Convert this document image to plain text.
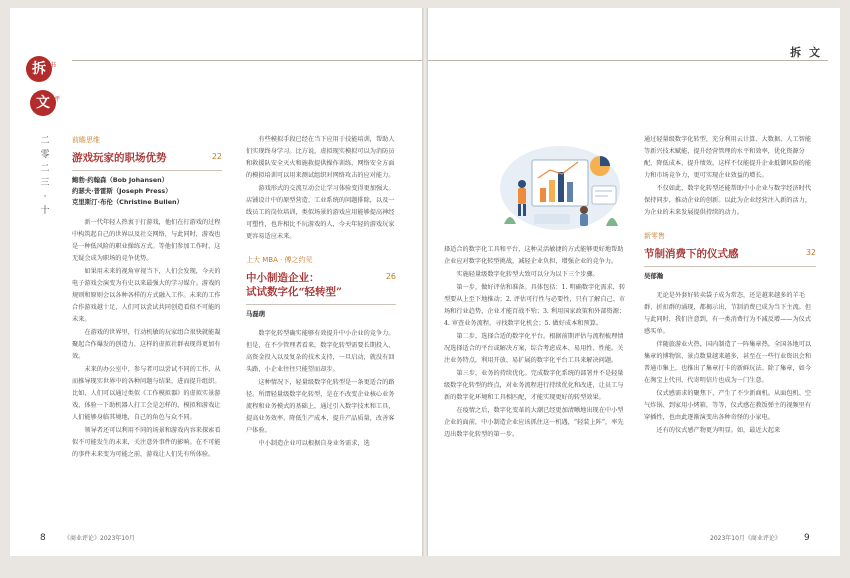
拆 书
文 评
二零二三·十
前瞻思维
游戏玩家的职场优势	22
鲍勃·约翰森（Bob Johansen）
约瑟夫·普雷斯（Joseph Press）
克里斯汀·布伦（Christine Bullen）

新一代年轻人热衷于打游戏，他们在打游戏的过程中构筑起自己的世界以及社交网络，与此同时，游戏也是一种低风险的职业操练方式。等他们参加工作时，这无疑会成为职场的竞争优势。

如果用未来的视角审视当下，人们会发现，今天的电子游戏会演变为有史以来最强大的学习媒介。游戏的规则和原则会以各种各样的方式融入工作。未来的工作合作游戏越十足，人们可以尝试共同创造看似不可能的未来。

在游戏的世界里，行动机敏的玩家组合很快就能凝聚起合作爆发的创造力，这样的虚拟社群表现得更加有效。

未来的办公室中，参与者可以尝试不同的工作，从而推导现实世界中的各种问题与结果，进而提升组织。比如，人们可以通过类似《工作模拟器》的虚拟实景游戏，体验一下助机器人打工会是怎样的，模拟和游戏让人们能够身临其境地，自己的角色与众不同。

领导者还可以利用不同的场景和游戏内容来探索看似不可能发生的未来，关注意外事件的影响。在不可能的事件未来变为可能之前，游戏让人们先有所体验。

有些模拟手段已经在当下应用于技能培训，帮助人们实现终身学习。比方说，虚拟现实模拟可以为消防员和救援队安全灭火和施救提供操作训练，网络安全方面的模拟培训可以用来测试组织对网络攻击的应对能力。

游戏形式的交流互动会让学习体验变得更加强大。店铺设计中的原型营造、工业系统的问题排除，以及一线员工的岗位培训，类似场景的游戏应用能够提高神经可塑性，也许相比不玩游戏的人，今天年轻的游戏玩家更容易适应未来。

上大 MBA · 傅之约见
中小制造企业：
试试数字化“轻转型”
26
马磊萌

数字化转型确实能够有效提升中小企业的竞争力。但是，在不少管理者看来，数字化转型需要长期投入、高资金投入以及复杂的技术支持，一旦启动，就没有回头路，小企业往往只能望而却步。

这种情况下，轻量级数字化转型是一条更适合的路径。所谓轻量级数字化转型，是在不改变企业核心业务流程和业务模式的基础上，通过引入数字技术和工具，提高业务效率、降低生产成本，提升产品质量，改善客户体验。

中小制造企业可以根据自身业务需求，选

8	《商业评论》2023年10月
拆 文

择适合的数字化工具和平台，这种灵活敏捷的方式能够更好地帮助企业应对数字化转型挑战，减轻企业负担，增强企业的竞争力。

实施轻量级数字化转型大致可以分为以下三个步骤。

第一步，做好评估和准备。具体包括：1. 明确数字化需求，转型要从上至下地推动；2. 评估可行性与必要性，只有了解自己、市场和行业趋势，企业才能百战不殆；3. 利用国家政策和外部资源；4. 审查业务流程，寻找数字化机会；5. 做好成本和预算。

第二步，选择合适的数字化平台。根据前期评估与流程梳理情况选择适合的平台或解决方案，综合考虑成本、易用性、性能。关注业务特点，利用开放、易扩展的数字化平台工具来解决问题。

第三步，业务的持续优化。完成数字化系统的部署并不是轻量级数字化转型的终点，对业务流程进行持续优化和改进，让员工与新的数字化环境和工具相匹配，才能实现更好的转型效果。

在疫情之后，数字化变革的大潮已经更加清晰地出现在中小型企业的面前，中小制造企业应该抓住这一机遇，“轻装上阵”，率先迈出数字化转型的第一步。

通过轻量级数字化转型，充分利用云计算、大数据、人工智能等新兴技术赋能，提升经营管理的水平和效率，优化资源分配，降低成本，提升绩效。这样不仅能提升企业抵御风险的能力和市场竞争力，更可实现企业效益的增长。

不仅如此，数字化转型还能帮助中小企业与数字经济时代保持同步，推动企业的创新。以此为企业经营注入新的活力，为企业的未来发展提供持续的动力。

新零售
节制消费下的仪式感	32
吴郁瀚

无论是外套好转卖袋子成为常态，还是越来越多的羊毛群、折扣群的涌现，都揭示出，节制消费已成为当下主流。但与此同时，我们注意到，有一类消费行为不减反增——为仪式感买单。

伴随旅游业火热，国内制造了一阵集章热。全国各地可以集章的博物馆、景点数量越来越多，甚至在一些行业资讯会和普通市集上，也推出了集章打卡的新鲜玩法。除了集章，如今在淘宝上代刊、代寄明信片也成为一门生意。

仪式感需求的聚焦下，产生了不少新商机。从面包机、空气炸锅、到家用小烤箱，等等，仪式感在教饭弹主的视频里有穿插性，也由此逐渐演变出各种奇怪的小家电。

还有的仪式感产物更为明显。如，最近大起来

2023年10月《商业评论》	9
